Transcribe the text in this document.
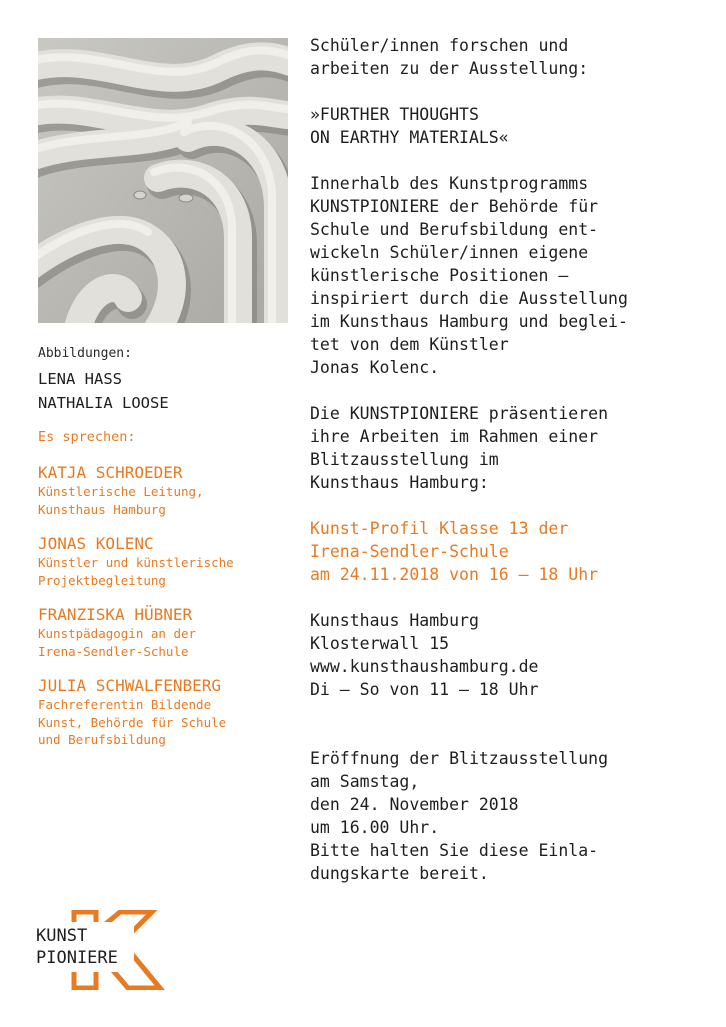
Abbildungen:
LENA HASS
NATHALIA LOOSE
Es sprechen:
KATJA SCHROEDER
Künstlerische Leitung,
Kunsthaus Hamburg
JONAS KOLENC
Künstler und künstlerische
Projektbegleitung
FRANZISKA HÜBNER
Kunstpädagogin an der
Irena-Sendler-Schule
JULIA SCHWALFENBERG
Fachreferentin Bildende
Kunst, Behörde für Schule
und Berufsbildung

Schüler/innen forschen und

arbeiten zu der Ausstellung:

»FURTHER THOUGHTS

ON EARTHY MATERIALS«

Innerhalb des Kunstprogramms

KUNSTPIONIERE der Behörde für

Schule und Berufsbildung ent-

wickeln Schüler/innen eigene

künstlerische Positionen –

inspiriert durch die Ausstellung

im Kunsthaus Hamburg und beglei-

tet von dem Künstler

Jonas Kolenc.

Die KUNSTPIONIERE präsentieren

ihre Arbeiten im Rahmen einer

Blitzausstellung im

Kunsthaus Hamburg:

Kunst-Profil Klasse 13 der

Irena-Sendler-Schule

am 24.11.2018 von 16 – 18 Uhr

Kunsthaus Hamburg

Klosterwall 15

www.kunsthaushamburg.de

Di – So von 11 – 18 Uhr

Eröffnung der Blitzausstellung

am Samstag,

den 24. November 2018

um 16.00 Uhr.

Bitte halten Sie diese Einla-

dungskarte bereit.

KUNST
PIONIERE
